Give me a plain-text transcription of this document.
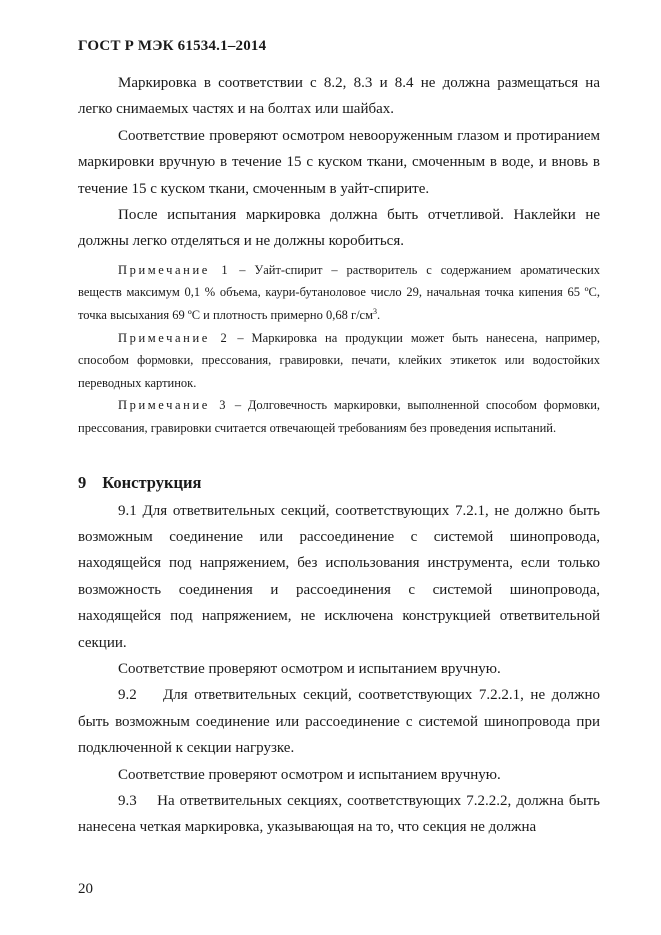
ГОСТ Р МЭК 61534.1–2014

Маркировка в соответствии с 8.2, 8.3 и 8.4 не должна размещаться на легко снимаемых частях и на болтах или шайбах.

Соответствие проверяют осмотром невооруженным глазом и протиранием маркировки вручную в течение 15 с куском ткани, смоченным в воде, и вновь в течение 15 с куском ткани, смоченным в уайт-спирите.

После испытания маркировка должна быть отчетливой. Наклейки не должны легко отделяться и не должны коробиться.

Примечание 1 – Уайт-спирит – растворитель с содержанием ароматических веществ максимум 0,1 % объема, каури-бутаноловое число 29, начальная точка кипения 65 ºС, точка высыхания 69 ºС и плотность примерно 0,68 $г/см^3$.

Примечание 2 – Маркировка на продукции может быть нанесена, например, способом формовки, прессования, гравировки, печати, клейких этикеток или водостойких переводных картинок.

Примечание 3 – Долговечность маркировки, выполненной способом формовки, прессования, гравировки считается отвечающей требованиям без проведения испытаний.

9 Конструкция

9.1 Для ответвительных секций, соответствующих 7.2.1, не должно быть возможным соединение или рассоединение с системой шинопровода, находящейся под напряжением, без использования инструмента, если только возможность соединения и рассоединения с системой шинопровода, находящейся под напряжением, не исключена конструкцией ответвительной секции.

Соответствие проверяют осмотром и испытанием вручную.

9.2    Для ответвительных секций, соответствующих 7.2.2.1, не должно быть возможным соединение или рассоединение с системой шинопровода при подключенной к секции нагрузке.

Соответствие проверяют осмотром и испытанием вручную.

9.3    На ответвительных секциях, соответствующих 7.2.2.2, должна быть нанесена четкая маркировка, указывающая на то, что секция не должна

20
